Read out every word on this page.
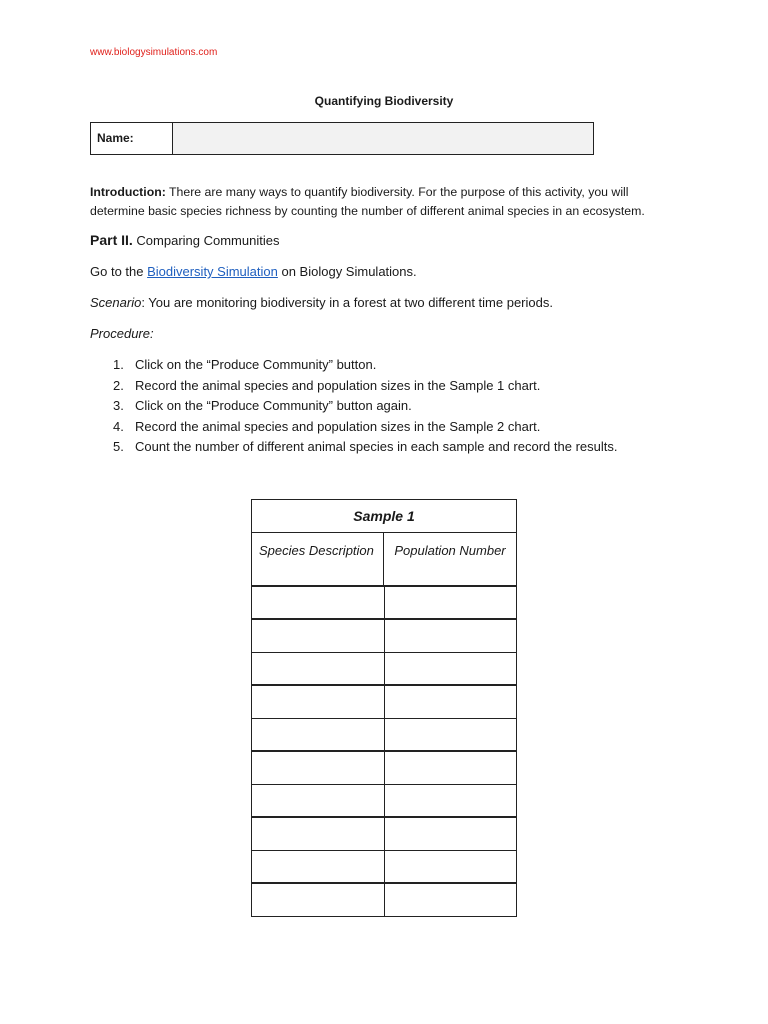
www.biologysimulations.com
Quantifying Biodiversity
Name:
Introduction: There are many ways to quantify biodiversity. For the purpose of this activity, you will determine basic species richness by counting the number of different animal species in an ecosystem.
Part II. Comparing Communities
Go to the Biodiversity Simulation on Biology Simulations.
Scenario: You are monitoring biodiversity in a forest at two different time periods.
Procedure:
1. Click on the “Produce Community” button.
2. Record the animal species and population sizes in the Sample 1 chart.
3. Click on the “Produce Community” button again.
4. Record the animal species and population sizes in the Sample 2 chart.
5. Count the number of different animal species in each sample and record the results.
Sample 1
Species Description	Population Number
